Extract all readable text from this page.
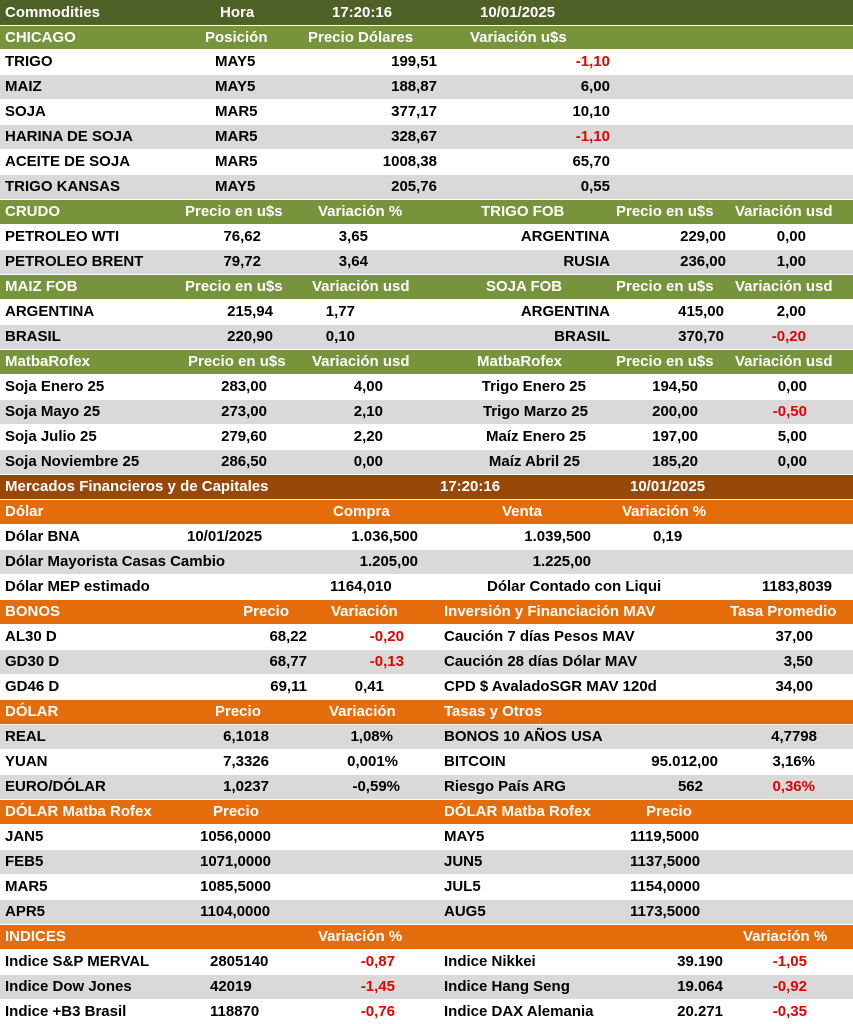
Commodities	Hora	17:20:16	10/01/2025
CHICAGO	Posición	Precio Dólares	Variación u$s
TRIGO	MAY5	199,51	-1,10
MAIZ	MAY5	188,87	6,00
SOJA	MAR5	377,17	10,10
HARINA DE SOJA	MAR5	328,67	-1,10
ACEITE DE SOJA	MAR5	1008,38	65,70
TRIGO KANSAS	MAY5	205,76	0,55
CRUDO	Precio en u$s Variación %	TRIGO FOB	Precio en u$s Variación usd
PETROLEO WTI	76,62	3,65	ARGENTINA	229,00	0,00
PETROLEO BRENT	79,72	3,64	RUSIA	236,00	1,00
MAIZ FOB	Precio en u$s Variación usd	SOJA FOB	Precio en u$s Variación usd
ARGENTINA	215,94	1,77	ARGENTINA	415,00	2,00
BRASIL	220,90	0,10	BRASIL	370,70	-0,20
MatbaRofex	Precio en u$s Variación usd	MatbaRofex	Precio en u$s Variación usd
Soja Enero 25	283,00	4,00	Trigo Enero 25	194,50	0,00
Soja Mayo 25	273,00	2,10	Trigo Marzo 25	200,00	-0,50
Soja Julio 25	279,60	2,20	Maíz Enero 25	197,00	5,00
Soja Noviembre 25	286,50	0,00	Maíz Abril 25	185,20	0,00
Mercados Financieros y de Capitales	17:20:16	10/01/2025
Dólar	Compra	Venta	Variación %
Dólar BNA	10/01/2025	1.036,500	1.039,500	0,19
Dólar Mayorista Casas Cambio	1.205,00	1.225,00
Dólar MEP estimado	1164,010	Dólar Contado con Liqui	1183,8039
BONOS	Precio	Variación	Inversión y Financiación MAV	Tasa Promedio
AL30 D	68,22	-0,20	Caución 7 días Pesos MAV	37,00
GD30 D	68,77	-0,13	Caución 28 días Dólar MAV	3,50
GD46 D	69,11	0,41	CPD $ AvaladoSGR MAV 120d	34,00
DÓLAR	Precio	Variación	Tasas y Otros
REAL	6,1018	1,08%	BONOS 10 AÑOS USA	4,7798
YUAN	7,3326	0,001%	BITCOIN	95.012,00	3,16%
EURO/DÓLAR	1,0237	-0,59%	Riesgo País ARG	562	0,36%
DÓLAR Matba Rofex	Precio	DÓLAR Matba Rofex	Precio
JAN5	1056,0000	MAY5	1119,5000
FEB5	1071,0000	JUN5	1137,5000
MAR5	1085,5000	JUL5	1154,0000
APR5	1104,0000	AUG5	1173,5000
INDICES	Variación %	Variación %
Indice S&P MERVAL	2805140	-0,87	Indice Nikkei	39.190	-1,05
Indice Dow Jones	42019	-1,45	Indice Hang Seng	19.064	-0,92
Indice +B3 Brasil	118870	-0,76	Indice DAX Alemania	20.271	-0,35
